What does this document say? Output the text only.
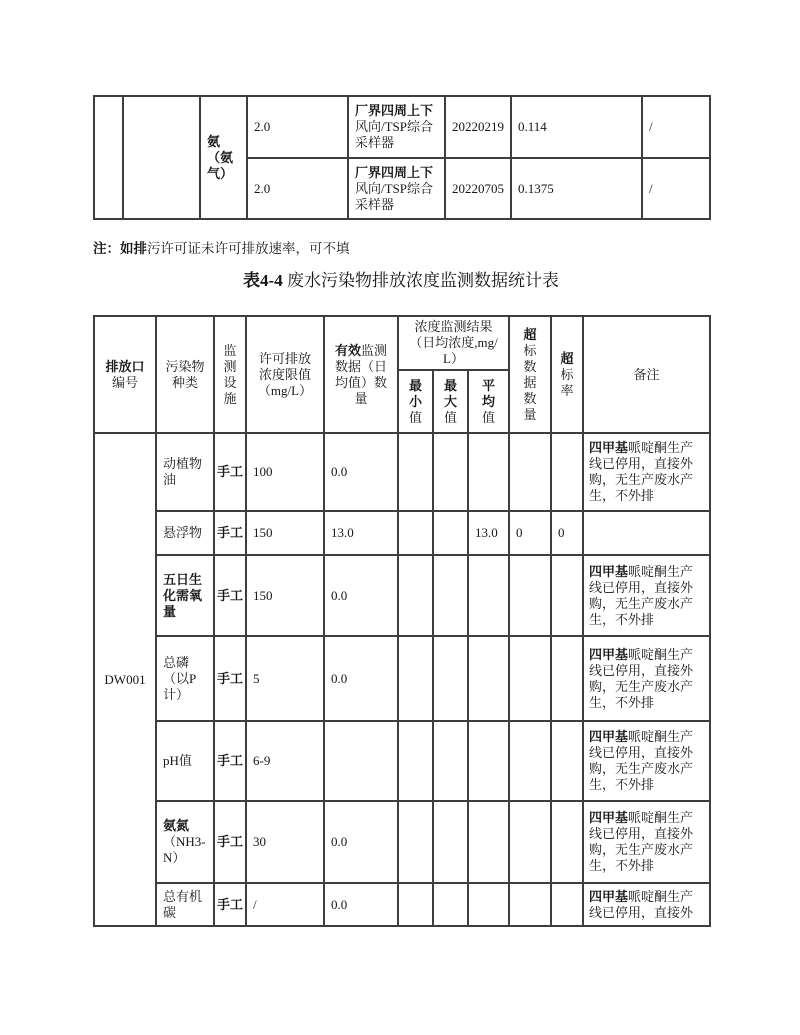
		氨（氨气）	2.0	厂界四周上下风向/TSP综合采样器	20220219	0.114	/
			2.0	厂界四周上下风向/TSP综合采样器	20220705	0.1375	/
注：如排污许可证未许可排放速率，可不填
表4-4 废水污染物排放浓度监测数据统计表
排放口编号	污染物种类	监测设施	许可排放浓度限值（mg/L）	有效监测数据（日均值）数量	浓度监测结果（日均浓度,mg/L）			超标数据数量	超标率	备注
					最小值	最大值	平均值			
DW001	动植物油	手工	100	0.0						四甲基哌啶酮生产线已停用，直接外购，无生产废水产生，不外排
	悬浮物	手工	150	13.0			13.0	0	0	
	五日生化需氧量	手工	150	0.0						四甲基哌啶酮生产线已停用，直接外购，无生产废水产生，不外排
	总磷（以P计）	手工	5	0.0						四甲基哌啶酮生产线已停用，直接外购，无生产废水产生，不外排
	pH值	手工	6-9							四甲基哌啶酮生产线已停用，直接外购，无生产废水产生，不外排
	氨氮（NH3-N）	手工	30	0.0						四甲基哌啶酮生产线已停用，直接外购，无生产废水产生，不外排
	总有机碳	手工	/	0.0						四甲基哌啶酮生产线已停用，直接外
